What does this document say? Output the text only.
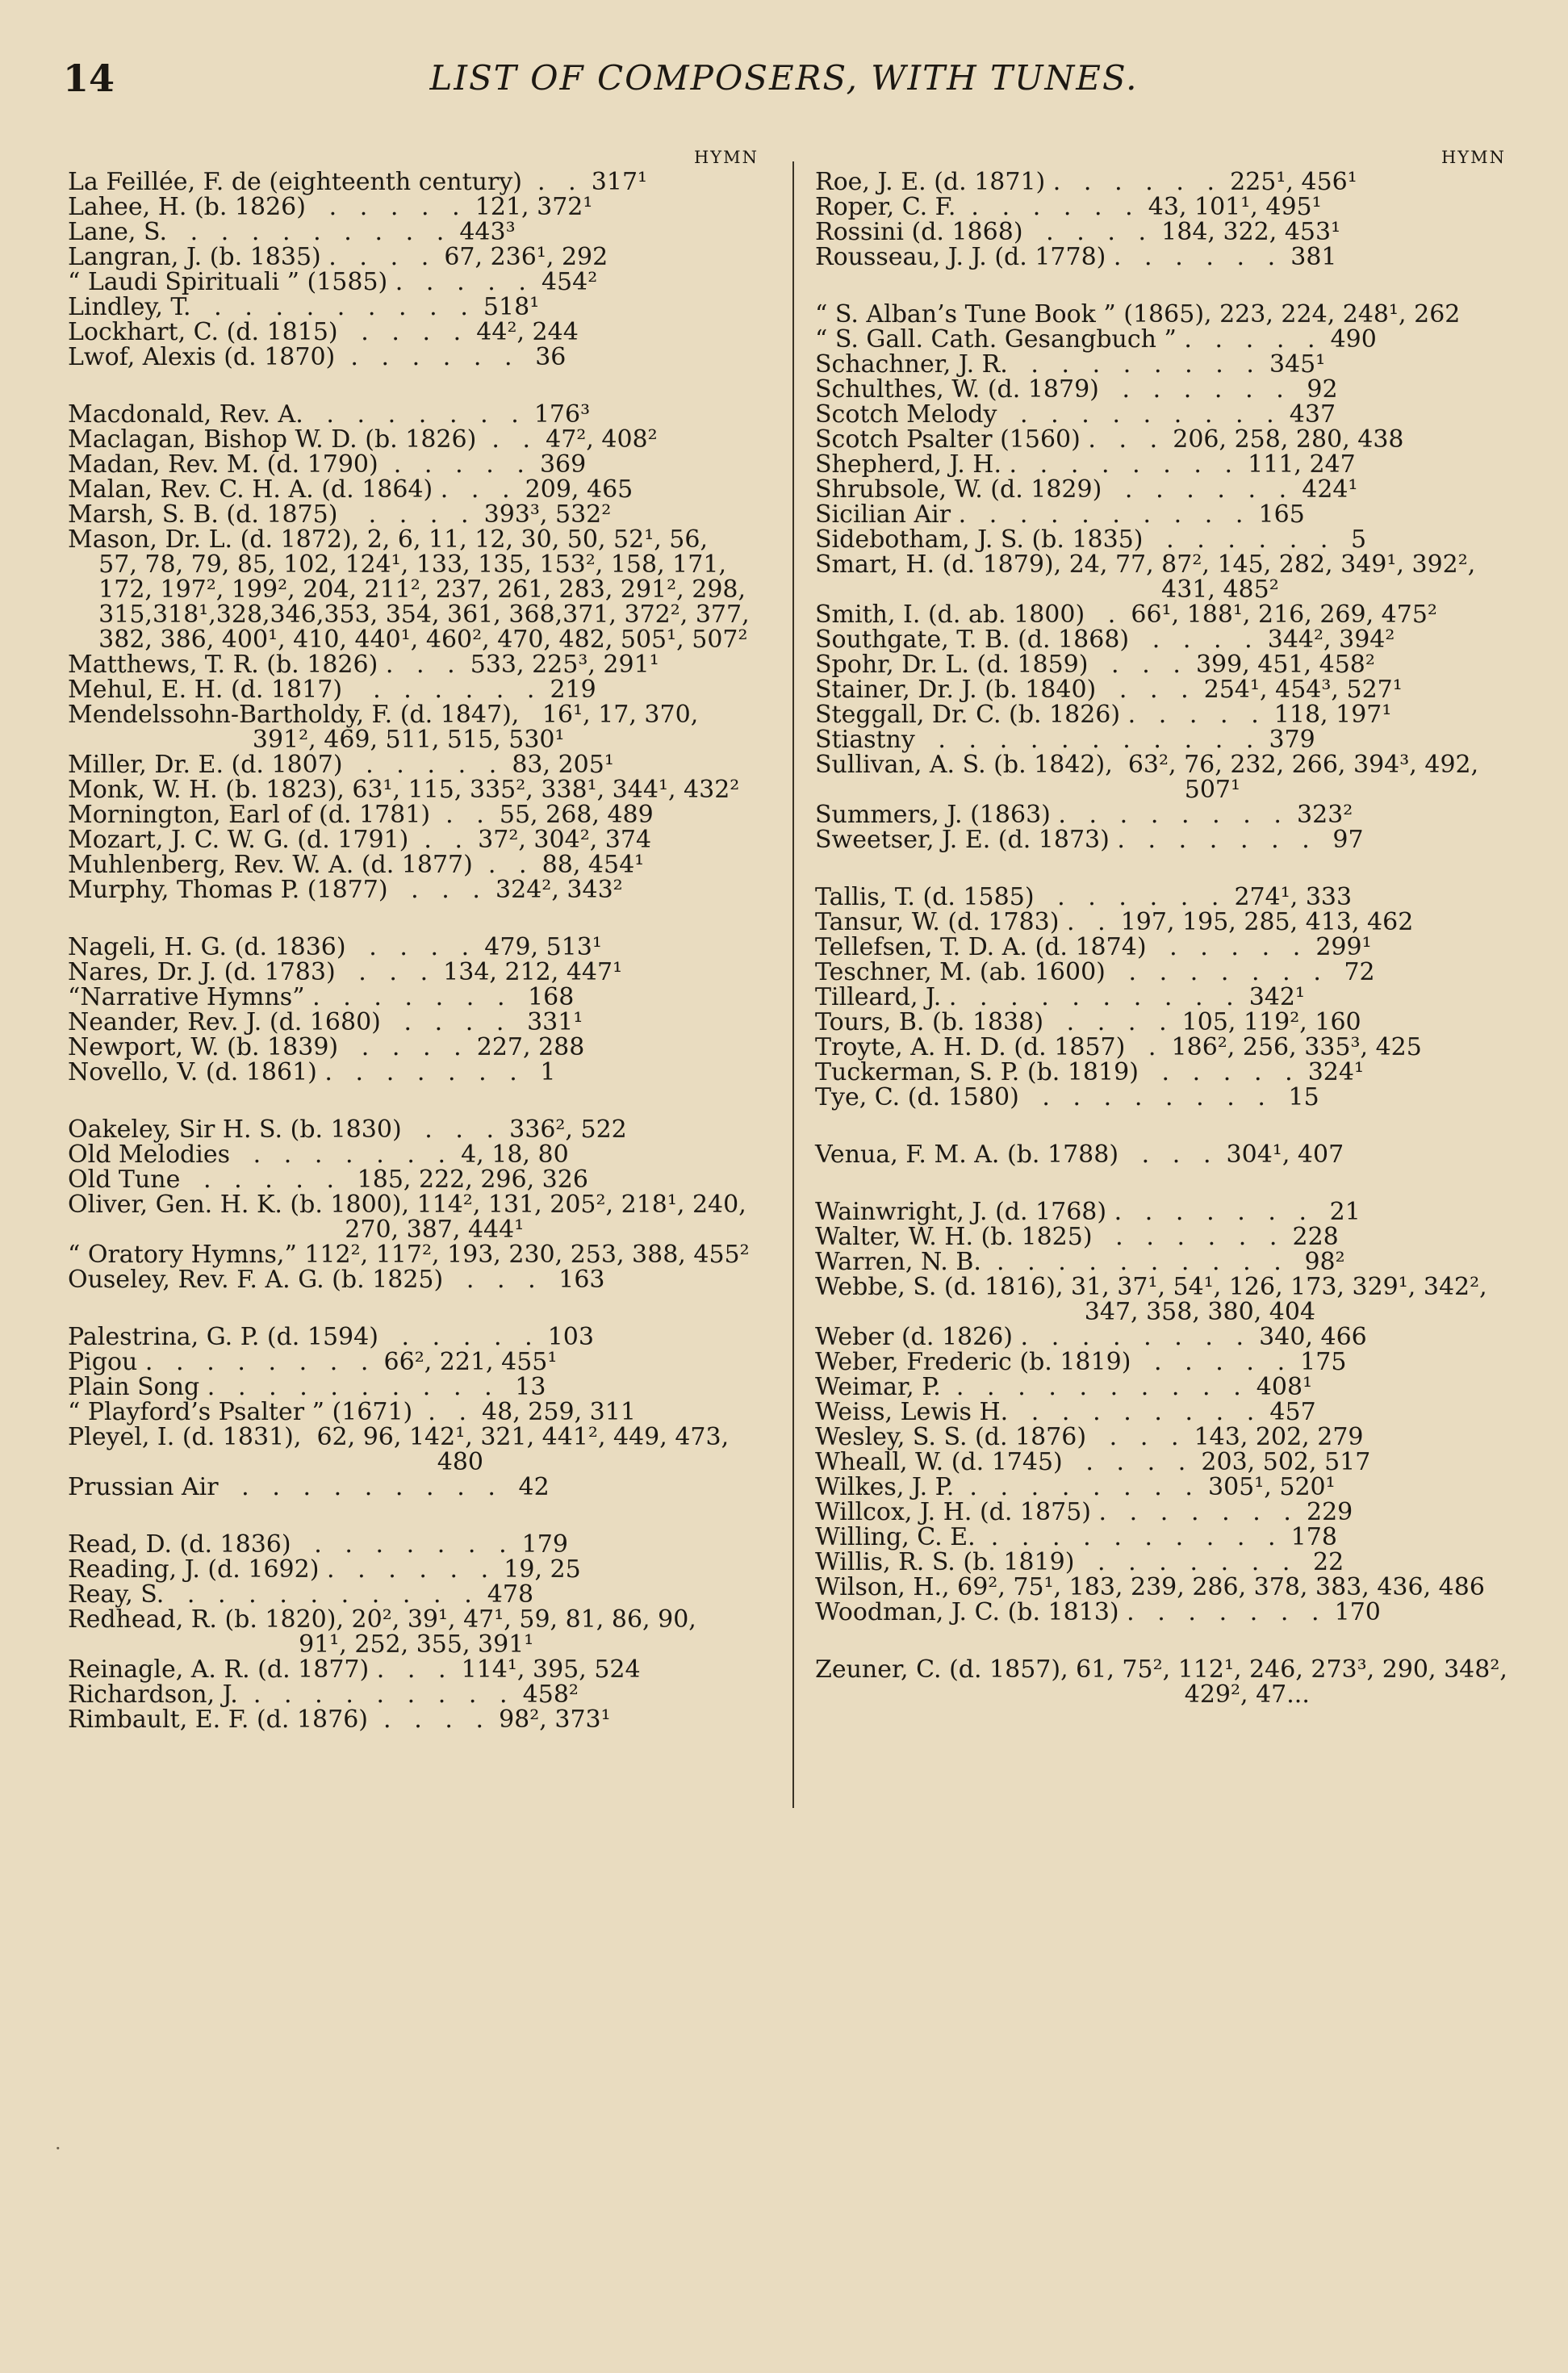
14	LIST OF COMPOSERS, WITH TUNES.
HYMN
La Feillée, F. de (eighteenth century)  .   .  317¹
Lahee, H. (b. 1826)   .   .   .   .   .  121, 372¹
Lane, S.   .   .   .   .   .   .   .   .   .  443³
Langran, J. (b. 1835) .   .   .   .  67, 236¹, 292
“ Laudi Spirituali ” (1585) .   .   .   .   .  454²
Lindley, T.   .   .   .   .   .   .   .   .   .  518¹
Lockhart, C. (d. 1815)   .   .   .   .  44², 244
Lwof, Alexis (d. 1870)  .   .   .   .   .   .   36
Macdonald, Rev. A.   .   .   .   .   .   .   .  176³
Maclagan, Bishop W. D. (b. 1826)  .   .  47², 408²
Madan, Rev. M. (d. 1790)  .   .   .   .   .  369
Malan, Rev. C. H. A. (d. 1864) .   .   .  209, 465
Marsh, S. B. (d. 1875)    .   .   .   .  393³, 532²
Mason, Dr. L. (d. 1872), 2, 6, 11, 12, 30, 50, 52¹, 56,
57, 78, 79, 85, 102, 124¹, 133, 135, 153², 158, 171,
172, 197², 199², 204, 211², 237, 261, 283, 291², 298,
315,318¹,328,346,353, 354, 361, 368,371, 372², 377,
382, 386, 400¹, 410, 440¹, 460², 470, 482, 505¹, 507²
Matthews, T. R. (b. 1826) .   .   .  533, 225³, 291¹
Mehul, E. H. (d. 1817)    .   .   .   .   .   .  219
Mendelssohn-Bartholdy, F. (d. 1847),   16¹, 17, 370,
391², 469, 511, 515, 530¹
Miller, Dr. E. (d. 1807)   .   .   .   .   .  83, 205¹
Monk, W. H. (b. 1823), 63¹, 115, 335², 338¹, 344¹, 432²
Mornington, Earl of (d. 1781)  .   .  55, 268, 489
Mozart, J. C. W. G. (d. 1791)  .   .  37², 304², 374
Muhlenberg, Rev. W. A. (d. 1877)  .   .  88, 454¹
Murphy, Thomas P. (1877)   .   .   .  324², 343²
Nageli, H. G. (d. 1836)   .   .   .   .  479, 513¹
Nares, Dr. J. (d. 1783)   .   .   .  134, 212, 447¹
“Narrative Hymns” .   .   .   .   .   .   .   168
Neander, Rev. J. (d. 1680)   .   .   .   .   331¹
Newport, W. (b. 1839)   .   .   .   .  227, 288
Novello, V. (d. 1861) .   .   .   .   .   .   .   1
Oakeley, Sir H. S. (b. 1830)   .   .   .  336², 522
Old Melodies   .   .   .   .   .   .   .  4, 18, 80
Old Tune   .   .   .   .   .   185, 222, 296, 326
Oliver, Gen. H. K. (b. 1800), 114², 131, 205², 218¹, 240,
270, 387, 444¹
“ Oratory Hymns,” 112², 117², 193, 230, 253, 388, 455²
Ouseley, Rev. F. A. G. (b. 1825)   .   .   .   163
Palestrina, G. P. (d. 1594)   .   .   .   .   .  103
Pigou .   .   .   .   .   .   .   .  66², 221, 455¹
Plain Song .   .   .   .   .   .   .   .   .   .   13
“ Playford’s Psalter ” (1671)  .   .  48, 259, 311
Pleyel, I. (d. 1831),  62, 96, 142¹, 321, 441², 449, 473,
480
Prussian Air   .   .   .   .   .   .   .   .   .   42
Read, D. (d. 1836)   .   .   .   .   .   .   .  179
Reading, J. (d. 1692) .   .   .   .   .   .  19, 25
Reay, S.   .   .   .   .   .   .   .   .   .   .  478
Redhead, R. (b. 1820), 20², 39¹, 47¹, 59, 81, 86, 90,
91¹, 252, 355, 391¹
Reinagle, A. R. (d. 1877) .   .   .  114¹, 395, 524
Richardson, J.  .   .   .   .   .   .   .   .   .  458²
Rimbault, E. F. (d. 1876)  .   .   .   .  98², 373¹
HYMN
Roe, J. E. (d. 1871) .   .   .   .   .   .  225¹, 456¹
Roper, C. F.  .   .   .   .   .   .  43, 101¹, 495¹
Rossini (d. 1868)   .   .   .   .  184, 322, 453¹
Rousseau, J. J. (d. 1778) .   .   .   .   .   .  381
“ S. Alban’s Tune Book ” (1865), 223, 224, 248¹, 262
“ S. Gall. Cath. Gesangbuch ” .   .   .   .   .  490
Schachner, J. R.   .   .   .   .   .   .   .   .  345¹
Schulthes, W. (d. 1879)   .   .   .   .   .   .   92
Scotch Melody   .   .   .   .   .   .   .   .   .  437
Scotch Psalter (1560) .   .   .  206, 258, 280, 438
Shepherd, J. H. .   .   .   .   .   .   .   .  111, 247
Shrubsole, W. (d. 1829)   .   .   .   .   .   .  424¹
Sicilian Air .   .   .   .   .   .   .   .   .   .  165
Sidebotham, J. S. (b. 1835)   .   .   .   .   .   .   5
Smart, H. (d. 1879), 24, 77, 87², 145, 282, 349¹, 392²,
431, 485²
Smith, I. (d. ab. 1800)   .  66¹, 188¹, 216, 269, 475²
Southgate, T. B. (d. 1868)   .   .   .   .  344², 394²
Spohr, Dr. L. (d. 1859)   .   .   .  399, 451, 458²
Stainer, Dr. J. (b. 1840)   .   .   .  254¹, 454³, 527¹
Steggall, Dr. C. (b. 1826) .   .   .   .   .  118, 197¹
Stiastny   .   .   .   .   .   .   .   .   .   .   .  379
Sullivan, A. S. (b. 1842),  63², 76, 232, 266, 394³, 492,
507¹
Summers, J. (1863) .   .   .   .   .   .   .   .  323²
Sweetser, J. E. (d. 1873) .   .   .   .   .   .   .   97
Tallis, T. (d. 1585)   .   .   .   .   .   .  274¹, 333
Tansur, W. (d. 1783) .   .  197, 195, 285, 413, 462
Tellefsen, T. D. A. (d. 1874)   .   .   .   .   .  299¹
Teschner, M. (ab. 1600)   .   .   .   .   .   .   .   72
Tilleard, J. .   .   .   .   .   .   .   .   .   .  342¹
Tours, B. (b. 1838)   .   .   .   .  105, 119², 160
Troyte, A. H. D. (d. 1857)   .  186², 256, 335³, 425
Tuckerman, S. P. (b. 1819)   .   .   .   .   .  324¹
Tye, C. (d. 1580)   .   .   .   .   .   .   .   .   15
Venua, F. M. A. (b. 1788)   .   .   .  304¹, 407
Wainwright, J. (d. 1768) .   .   .   .   .   .   .   21
Walter, W. H. (b. 1825)   .   .   .   .   .   .  228
Warren, N. B.  .   .   .   .   .   .   .   .   .   .   98²
Webbe, S. (d. 1816), 31, 37¹, 54¹, 126, 173, 329¹, 342²,
347, 358, 380, 404
Weber (d. 1826) .   .   .   .   .   .   .   .  340, 466
Weber, Frederic (b. 1819)   .   .   .   .   .  175
Weimar, P.  .   .   .   .   .   .   .   .   .   .  408¹
Weiss, Lewis H.   .   .   .   .   .   .   .   .  457
Wesley, S. S. (d. 1876)   .   .   .  143, 202, 279
Wheall, W. (d. 1745)   .   .   .   .  203, 502, 517
Wilkes, J. P.  .   .   .   .   .   .   .   .  305¹, 520¹
Willcox, J. H. (d. 1875) .   .   .   .   .   .   .  229
Willing, C. E.  .   .   .   .   .   .   .   .   .   .  178
Willis, R. S. (b. 1819)   .   .   .   .   .   .   .   22
Wilson, H., 69², 75¹, 183, 239, 286, 378, 383, 436, 486
Woodman, J. C. (b. 1813) .   .   .   .   .   .   .  170
Zeuner, C. (d. 1857), 61, 75², 112¹, 246, 273³, 290, 348²,
429², 47...
·
